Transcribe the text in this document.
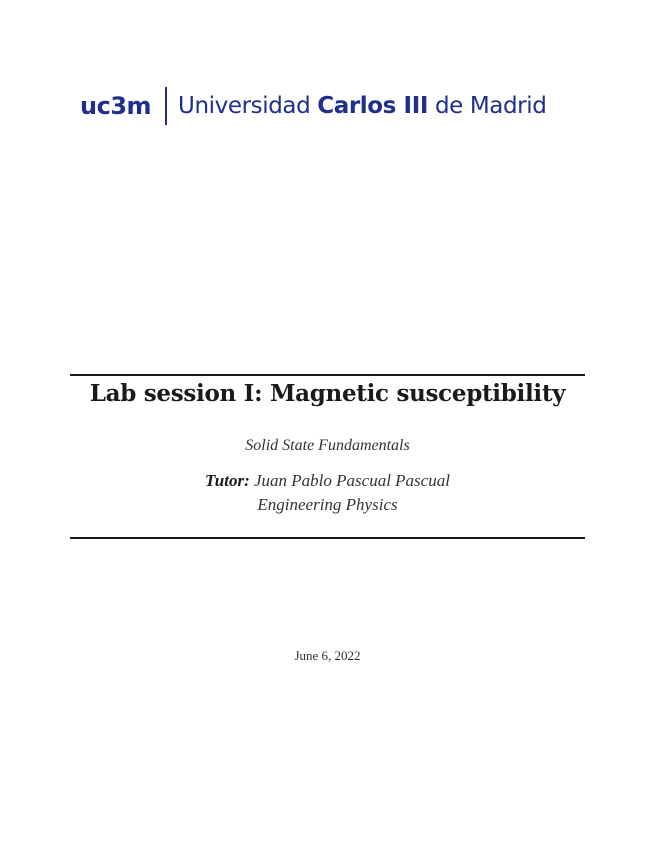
uc3m Universidad Carlos III de Madrid
Lab session I: Magnetic susceptibility
Solid State Fundamentals
Tutor: Juan Pablo Pascual Pascual
Engineering Physics
June 6, 2022
